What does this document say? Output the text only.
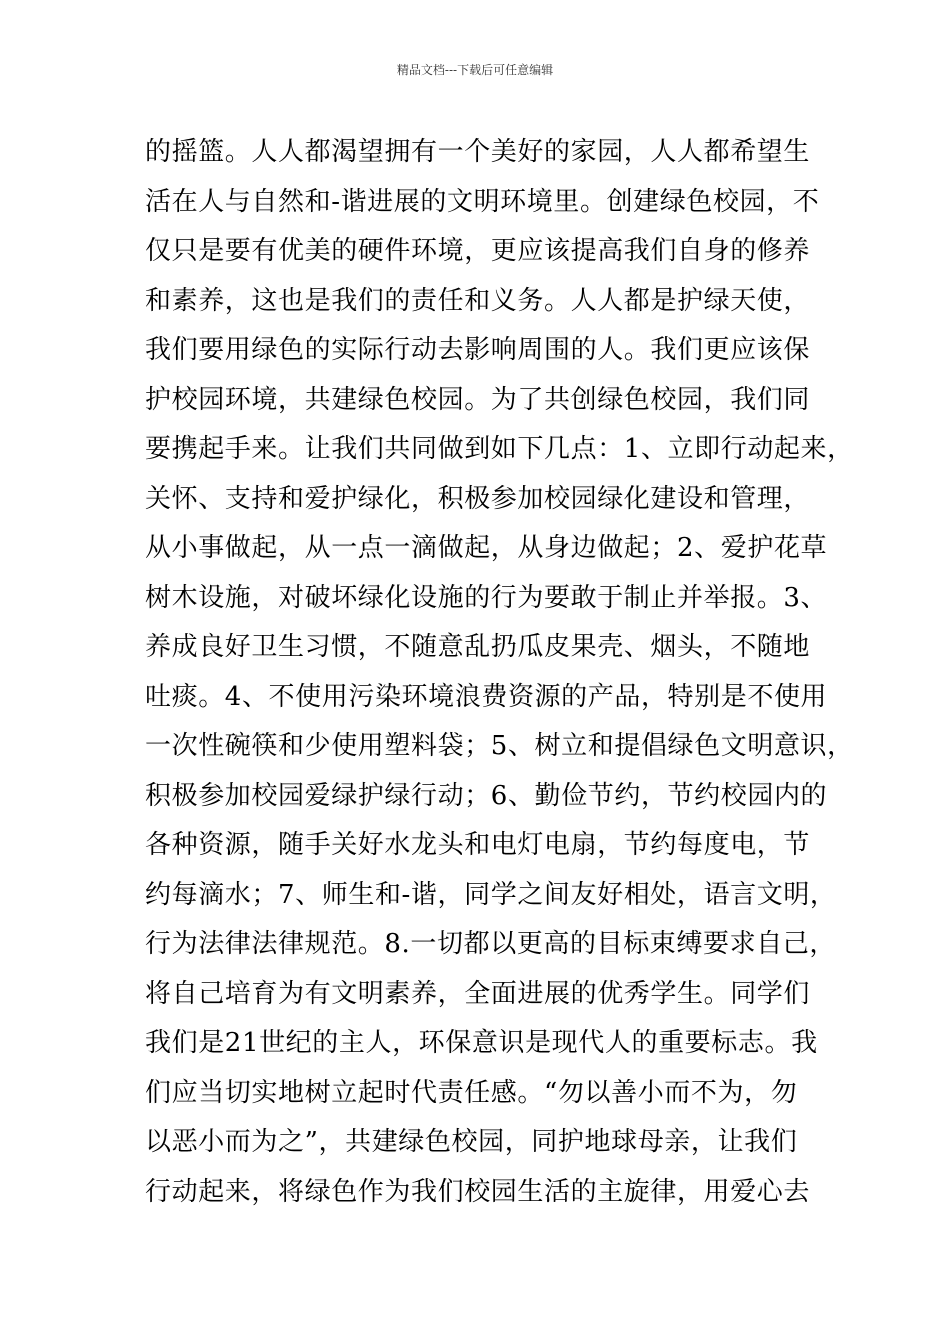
精品文档---下载后可任意编辑
的摇篮。人人都渴望拥有一个美好的家园，人人都希望生
活在人与自然和-谐进展的文明环境里。创建绿色校园，不
仅只是要有优美的硬件环境，更应该提高我们自身的修养
和素养，这也是我们的责任和义务。人人都是护绿天使，
我们要用绿色的实际行动去影响周围的人。我们更应该保
护校园环境，共建绿色校园。为了共创绿色校园，我们同
要携起手来。让我们共同做到如下几点：1、立即行动起来，
关怀、支持和爱护绿化，积极参加校园绿化建设和管理，
从小事做起，从一点一滴做起，从身边做起；2、爱护花草
树木设施，对破坏绿化设施的行为要敢于制止并举报。3、
养成良好卫生习惯，不随意乱扔瓜皮果壳、烟头，不随地
吐痰。4、不使用污染环境浪费资源的产品，特别是不使用
一次性碗筷和少使用塑料袋；5、树立和提倡绿色文明意识，
积极参加校园爱绿护绿行动；6、勤俭节约，节约校园内的
各种资源，随手关好水龙头和电灯电扇，节约每度电，节
约每滴水；7、师生和-谐，同学之间友好相处，语言文明，
行为法律法律规范。8.一切都以更高的目标束缚要求自己，
将自己培育为有文明素养，全面进展的优秀学生。同学们
我们是21世纪的主人，环保意识是现代人的重要标志。我
们应当切实地树立起时代责任感。“勿以善小而不为，勿
以恶小而为之”，共建绿色校园，同护地球母亲，让我们
行动起来，将绿色作为我们校园生活的主旋律，用爱心去
